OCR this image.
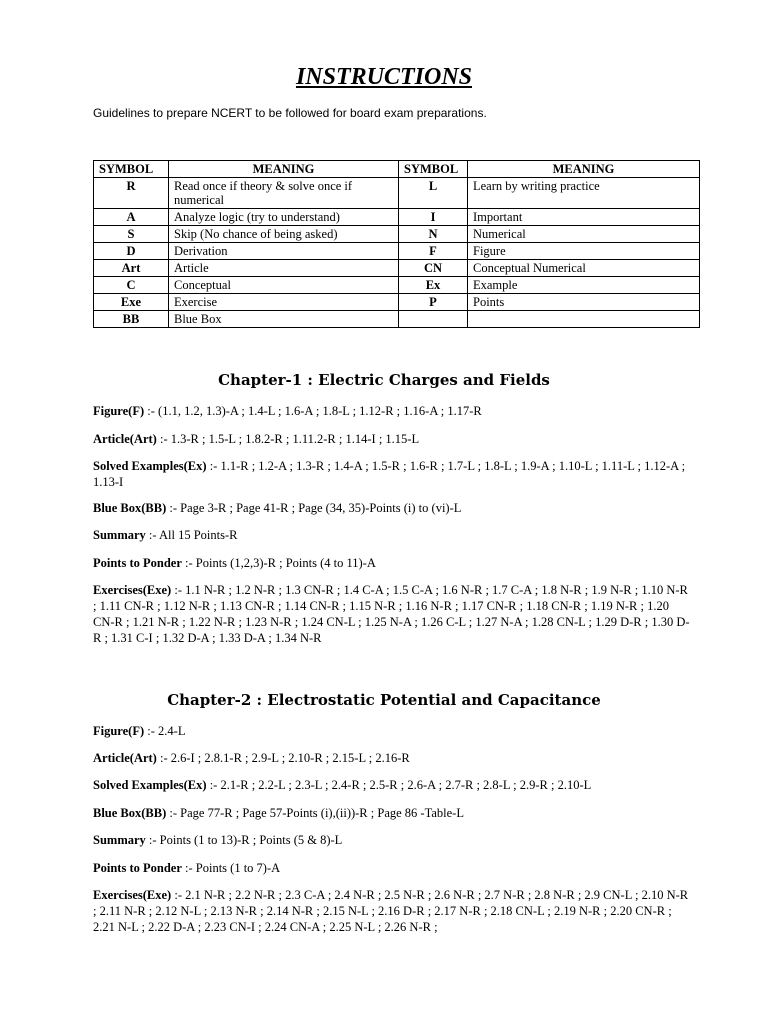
INSTRUCTIONS
Guidelines to prepare NCERT to be followed for board exam preparations.
SYMBOL	MEANING	SYMBOL	MEANING
R	Read once if theory & solve once if numerical	L	Learn by writing practice
A	Analyze logic (try to understand)	I	Important
S	Skip (No chance of being asked)	N	Numerical
D	Derivation	F	Figure
Art	Article	CN	Conceptual Numerical
C	Conceptual	Ex	Example
Exe	Exercise	P	Points
BB	Blue Box		
Chapter-1 : Electric Charges and Fields
Figure(F) :- (1.1, 1.2, 1.3)-A ; 1.4-L ; 1.6-A ; 1.8-L ; 1.12-R ; 1.16-A ; 1.17-R
Article(Art) :- 1.3-R ; 1.5-L ; 1.8.2-R ; 1.11.2-R ; 1.14-I ; 1.15-L
Solved Examples(Ex) :- 1.1-R ; 1.2-A ; 1.3-R ; 1.4-A ; 1.5-R ; 1.6-R ; 1.7-L ; 1.8-L ; 1.9-A ; 1.10-L ; 1.11-L ; 1.12-A ; 1.13-I
Blue Box(BB) :- Page 3-R ; Page 41-R ; Page (34, 35)-Points (i) to (vi)-L
Summary :- All 15 Points-R
Points to Ponder :- Points (1,2,3)-R ; Points (4 to 11)-A
Exercises(Exe) :- 1.1 N-R ; 1.2 N-R ; 1.3 CN-R ; 1.4 C-A ; 1.5 C-A ; 1.6 N-R ; 1.7 C-A ; 1.8 N-R ; 1.9 N-R ; 1.10 N-R ; 1.11 CN-R ; 1.12 N-R ; 1.13 CN-R ; 1.14 CN-R ; 1.15 N-R ; 1.16 N-R ; 1.17 CN-R ; 1.18 CN-R ; 1.19 N-R ; 1.20 CN-R ; 1.21 N-R ; 1.22 N-R ; 1.23 N-R ; 1.24 CN-L ; 1.25 N-A ; 1.26 C-L ; 1.27 N-A ; 1.28 CN-L ; 1.29 D-R ; 1.30 D-R ; 1.31 C-I ; 1.32 D-A ; 1.33 D-A ; 1.34 N-R
Chapter-2 : Electrostatic Potential and Capacitance
Figure(F) :- 2.4-L
Article(Art) :- 2.6-I ; 2.8.1-R ; 2.9-L ; 2.10-R ; 2.15-L ; 2.16-R
Solved Examples(Ex) :- 2.1-R ; 2.2-L ; 2.3-L ; 2.4-R ; 2.5-R ; 2.6-A ; 2.7-R ; 2.8-L ; 2.9-R ; 2.10-L
Blue Box(BB) :- Page 77-R ; Page 57-Points (i),(ii))-R ; Page 86 -Table-L
Summary :- Points (1 to 13)-R ; Points (5 & 8)-L
Points to Ponder :- Points (1 to 7)-A
Exercises(Exe) :- 2.1 N-R ; 2.2 N-R ; 2.3 C-A ; 2.4 N-R ; 2.5 N-R ; 2.6 N-R ; 2.7 N-R ; 2.8 N-R ; 2.9 CN-L ; 2.10 N-R ; 2.11 N-R ; 2.12 N-L ; 2.13 N-R ; 2.14 N-R ; 2.15 N-L ; 2.16 D-R ; 2.17 N-R ; 2.18 CN-L ; 2.19 N-R ; 2.20 CN-R ; 2.21 N-L ; 2.22 D-A ; 2.23 CN-I ; 2.24 CN-A ; 2.25 N-L ; 2.26 N-R ;
